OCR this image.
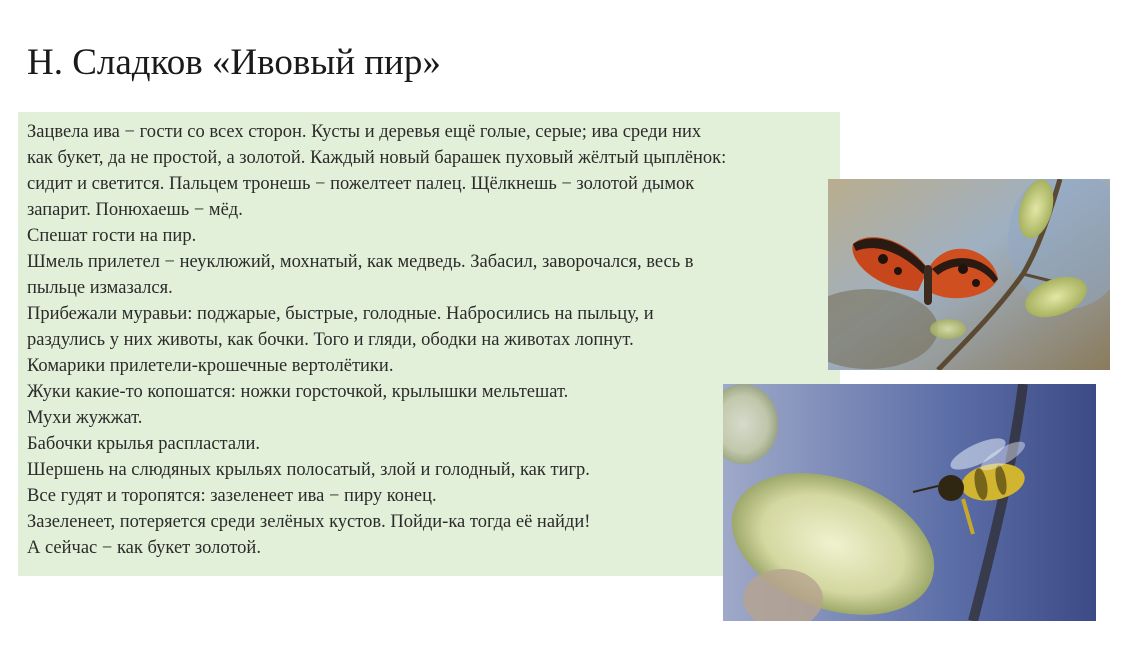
Н. Сладков «Ивовый пир»
Зацвела ива − гости со всех сторон. Кусты и деревья ещё голые, серые; ива среди них
как букет, да не простой, а золотой. Каждый новый барашек пуховый жёлтый цыплёнок:
сидит и светится. Пальцем тронешь − пожелтеет палец. Щёлкнешь − золотой дымок
запарит. Понюхаешь − мёд.
Спешат гости на пир.
Шмель прилетел − неуклюжий, мохнатый, как медведь. Забасил, заворочался, весь в
пыльце измазался.
Прибежали муравьи: поджарые, быстрые, голодные. Набросились на пыльцу, и
раздулись у них животы, как бочки. Того и гляди, ободки на животах лопнут.
Комарики прилетели-крошечные вертолётики.
Жуки какие-то копошатся: ножки горсточкой, крылышки мельтешат.
Мухи жужжат.
Бабочки крылья распластали.
Шершень на слюдяных крыльях полосатый, злой и голодный, как тигр.
Все гудят и торопятся: зазеленеет ива − пиру конец.
Зазеленеет, потеряется среди зелёных кустов. Пойди-ка тогда её найди!
А сейчас − как букет золотой.
